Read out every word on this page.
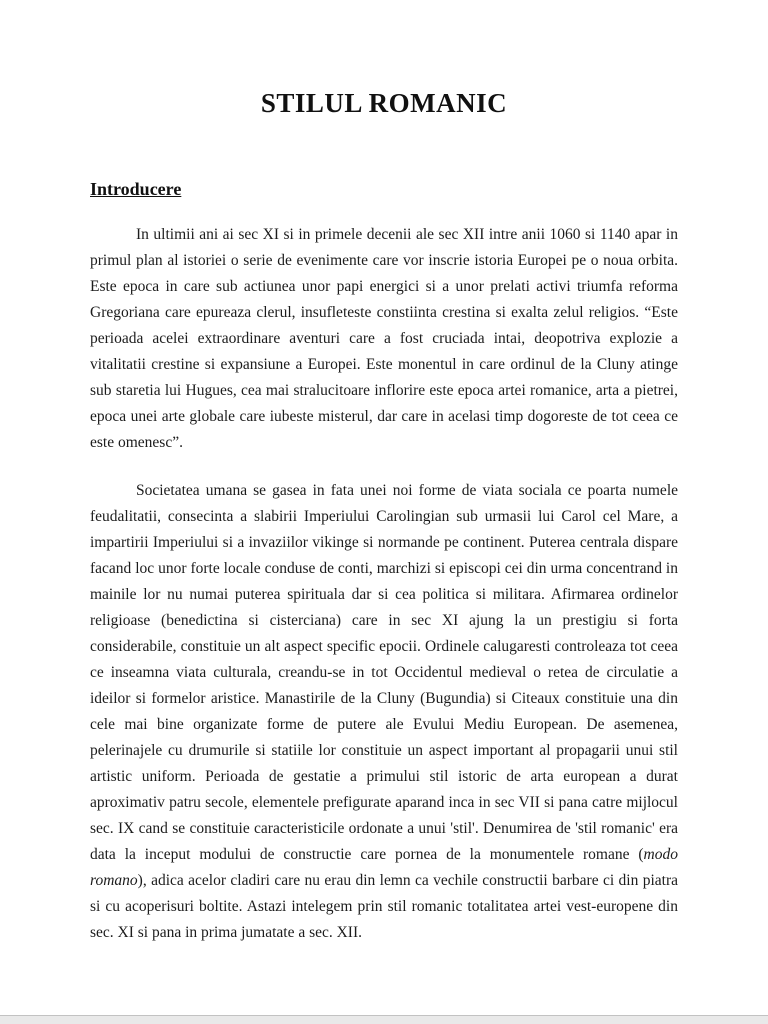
STILUL ROMANIC
Introducere

In ultimii ani ai sec XI si in primele decenii ale sec XII intre anii 1060 si 1140 apar in primul plan al istoriei o serie de evenimente care vor inscrie istoria Europei pe o noua orbita. Este epoca in care sub actiunea unor papi energici si a unor prelati activi triumfa reforma Gregoriana care epureaza clerul, insufleteste constiinta crestina si exalta zelul religios. “Este perioada acelei extraordinare aventuri care a fost cruciada intai, deopotriva explozie a vitalitatii crestine si expansiune a Europei. Este monentul in care ordinul de la Cluny atinge sub staretia lui Hugues, cea mai stralucitoare inflorire este epoca artei romanice, arta a pietrei, epoca unei arte globale care iubeste misterul, dar care in acelasi timp dogoreste de tot ceea ce este omenesc”.

Societatea umana se gasea in fata unei noi forme de viata sociala ce poarta numele feudalitatii, consecinta a slabirii Imperiului Carolingian sub urmasii lui Carol cel Mare, a impartirii Imperiului si a invaziilor vikinge si normande pe continent. Puterea centrala dispare facand loc unor forte locale conduse de conti, marchizi si episcopi cei din urma concentrand in mainile lor nu numai puterea spirituala dar si cea politica si militara. Afirmarea ordinelor religioase (benedictina si cisterciana) care in sec XI ajung la un prestigiu si forta considerabile, constituie un alt aspect specific epocii. Ordinele calugaresti controleaza tot ceea ce inseamna viata culturala, creandu-se in tot Occidentul medieval o retea de circulatie a ideilor si formelor aristice. Manastirile de la Cluny (Bugundia) si Citeaux constituie una din cele mai bine organizate forme de putere ale Evului Mediu European. De asemenea, pelerinajele cu drumurile si statiile lor constituie un aspect important al propagarii unui stil artistic uniform. Perioada de gestatie a primului stil istoric de arta european a durat aproximativ patru secole, elementele prefigurate aparand inca in sec VII si pana catre mijlocul sec. IX cand se constituie caracteristicile ordonate a unui 'stil'. Denumirea de 'stil romanic' era data la inceput modului de constructie care pornea de la monumentele romane (modo romano), adica acelor cladiri care nu erau din lemn ca vechile constructii barbare ci din piatra si cu acoperisuri boltite. Astazi intelegem prin stil romanic totalitatea artei vest-europene din sec. XI si pana in prima jumatate a sec. XII.
